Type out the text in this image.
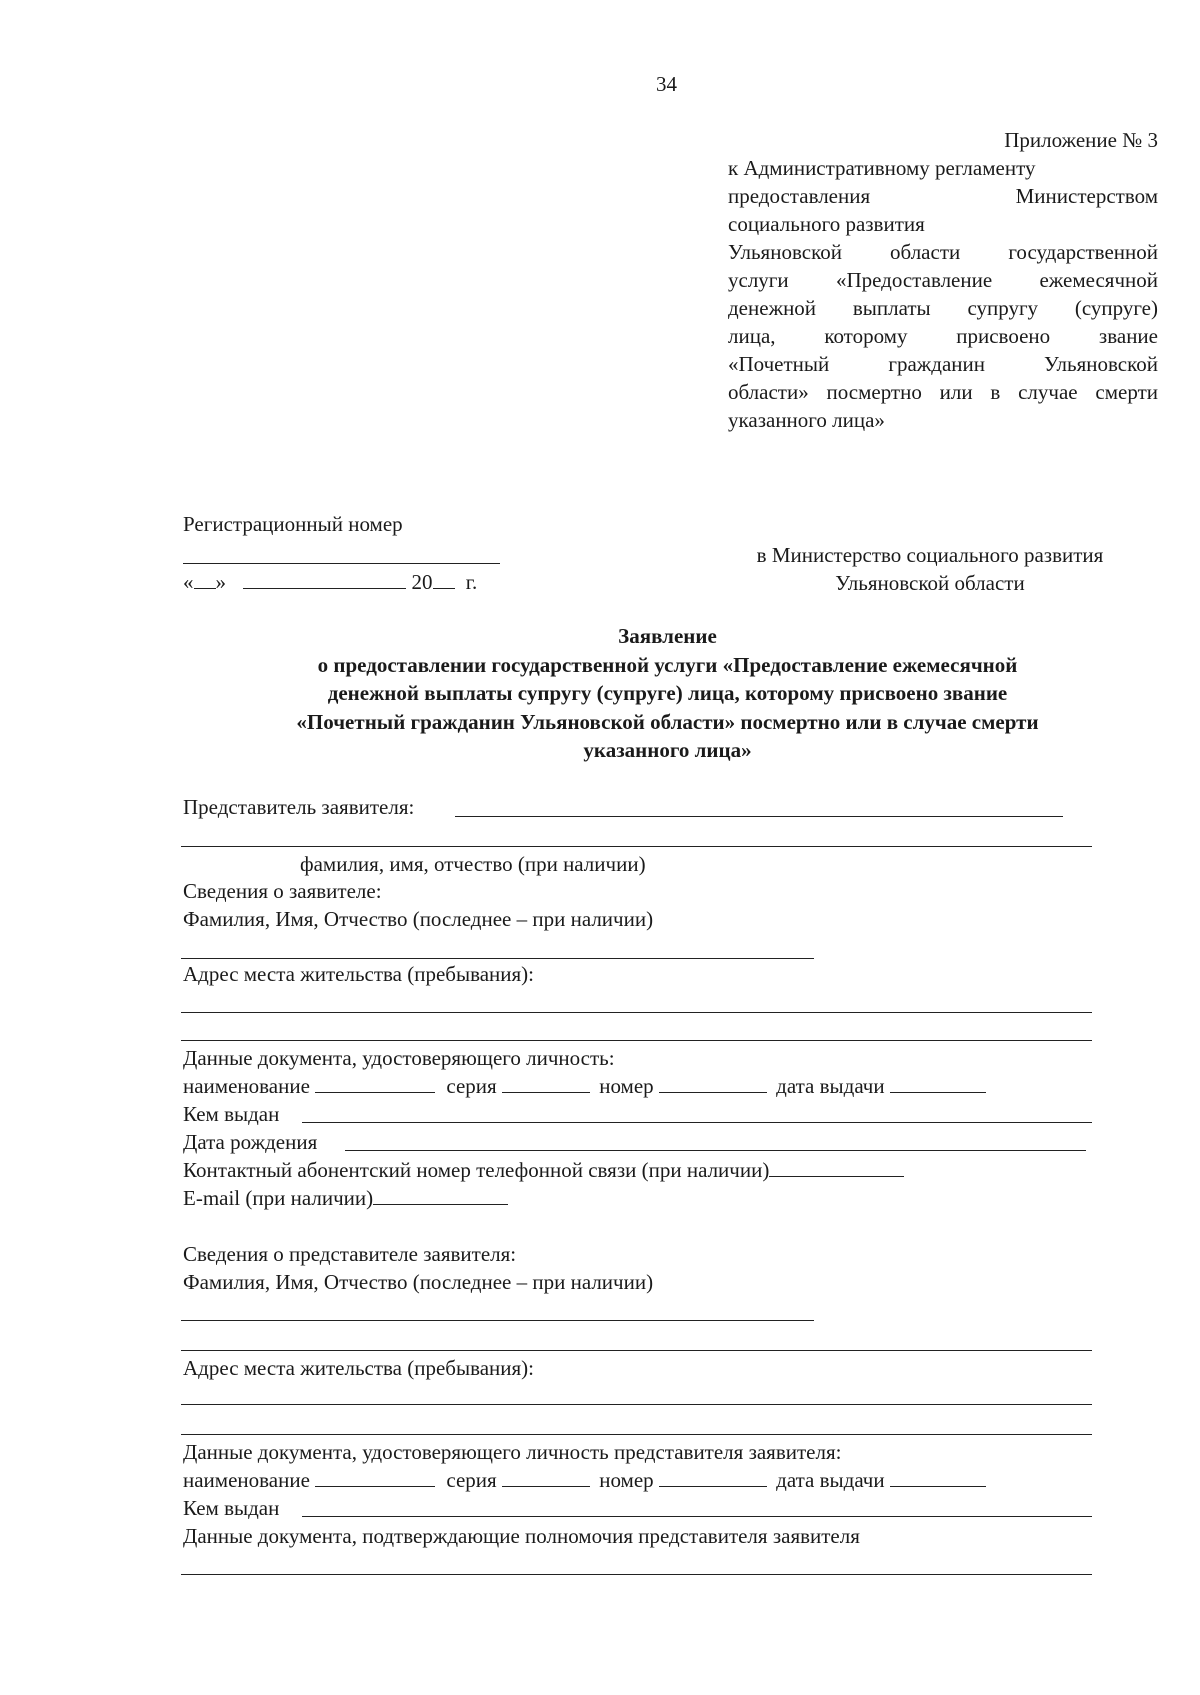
34
Приложение № 3
к Административному регламенту
предоставления	Министерством
социального развития
Ульяновской области государственной
услуги «Предоставление ежемесячной
денежной выплаты супругу (супруге)
лица, которому присвоено звание
«Почетный гражданин Ульяновской
области» посмертно или в случае смерти
указанного лица»
Регистрационный номер
« »	20 г.
в Министерство социального развития
Ульяновской области
Заявление
о предоставлении государственной услуги «Предоставление ежемесячной
денежной выплаты супругу (супруге) лица, которому присвоено звание
«Почетный гражданин Ульяновской области» посмертно или в случае смерти
указанного лица»
Представитель заявителя:
фамилия, имя, отчество (при наличии)
Сведения о заявителе:
Фамилия, Имя, Отчество (последнее – при наличии)
Адрес места жительства (пребывания):
Данные документа, удостоверяющего личность:
наименование	серия	номер	дата выдачи
Кем выдан
Дата рождения
Контактный абонентский номер телефонной связи (при наличии)
E-mail (при наличии)
Сведения о представителе заявителя:
Фамилия, Имя, Отчество (последнее – при наличии)
Адрес места жительства (пребывания):
Данные документа, удостоверяющего личность представителя заявителя:
наименование	серия	номер	дата выдачи
Кем выдан
Данные документа, подтверждающие полномочия представителя заявителя
